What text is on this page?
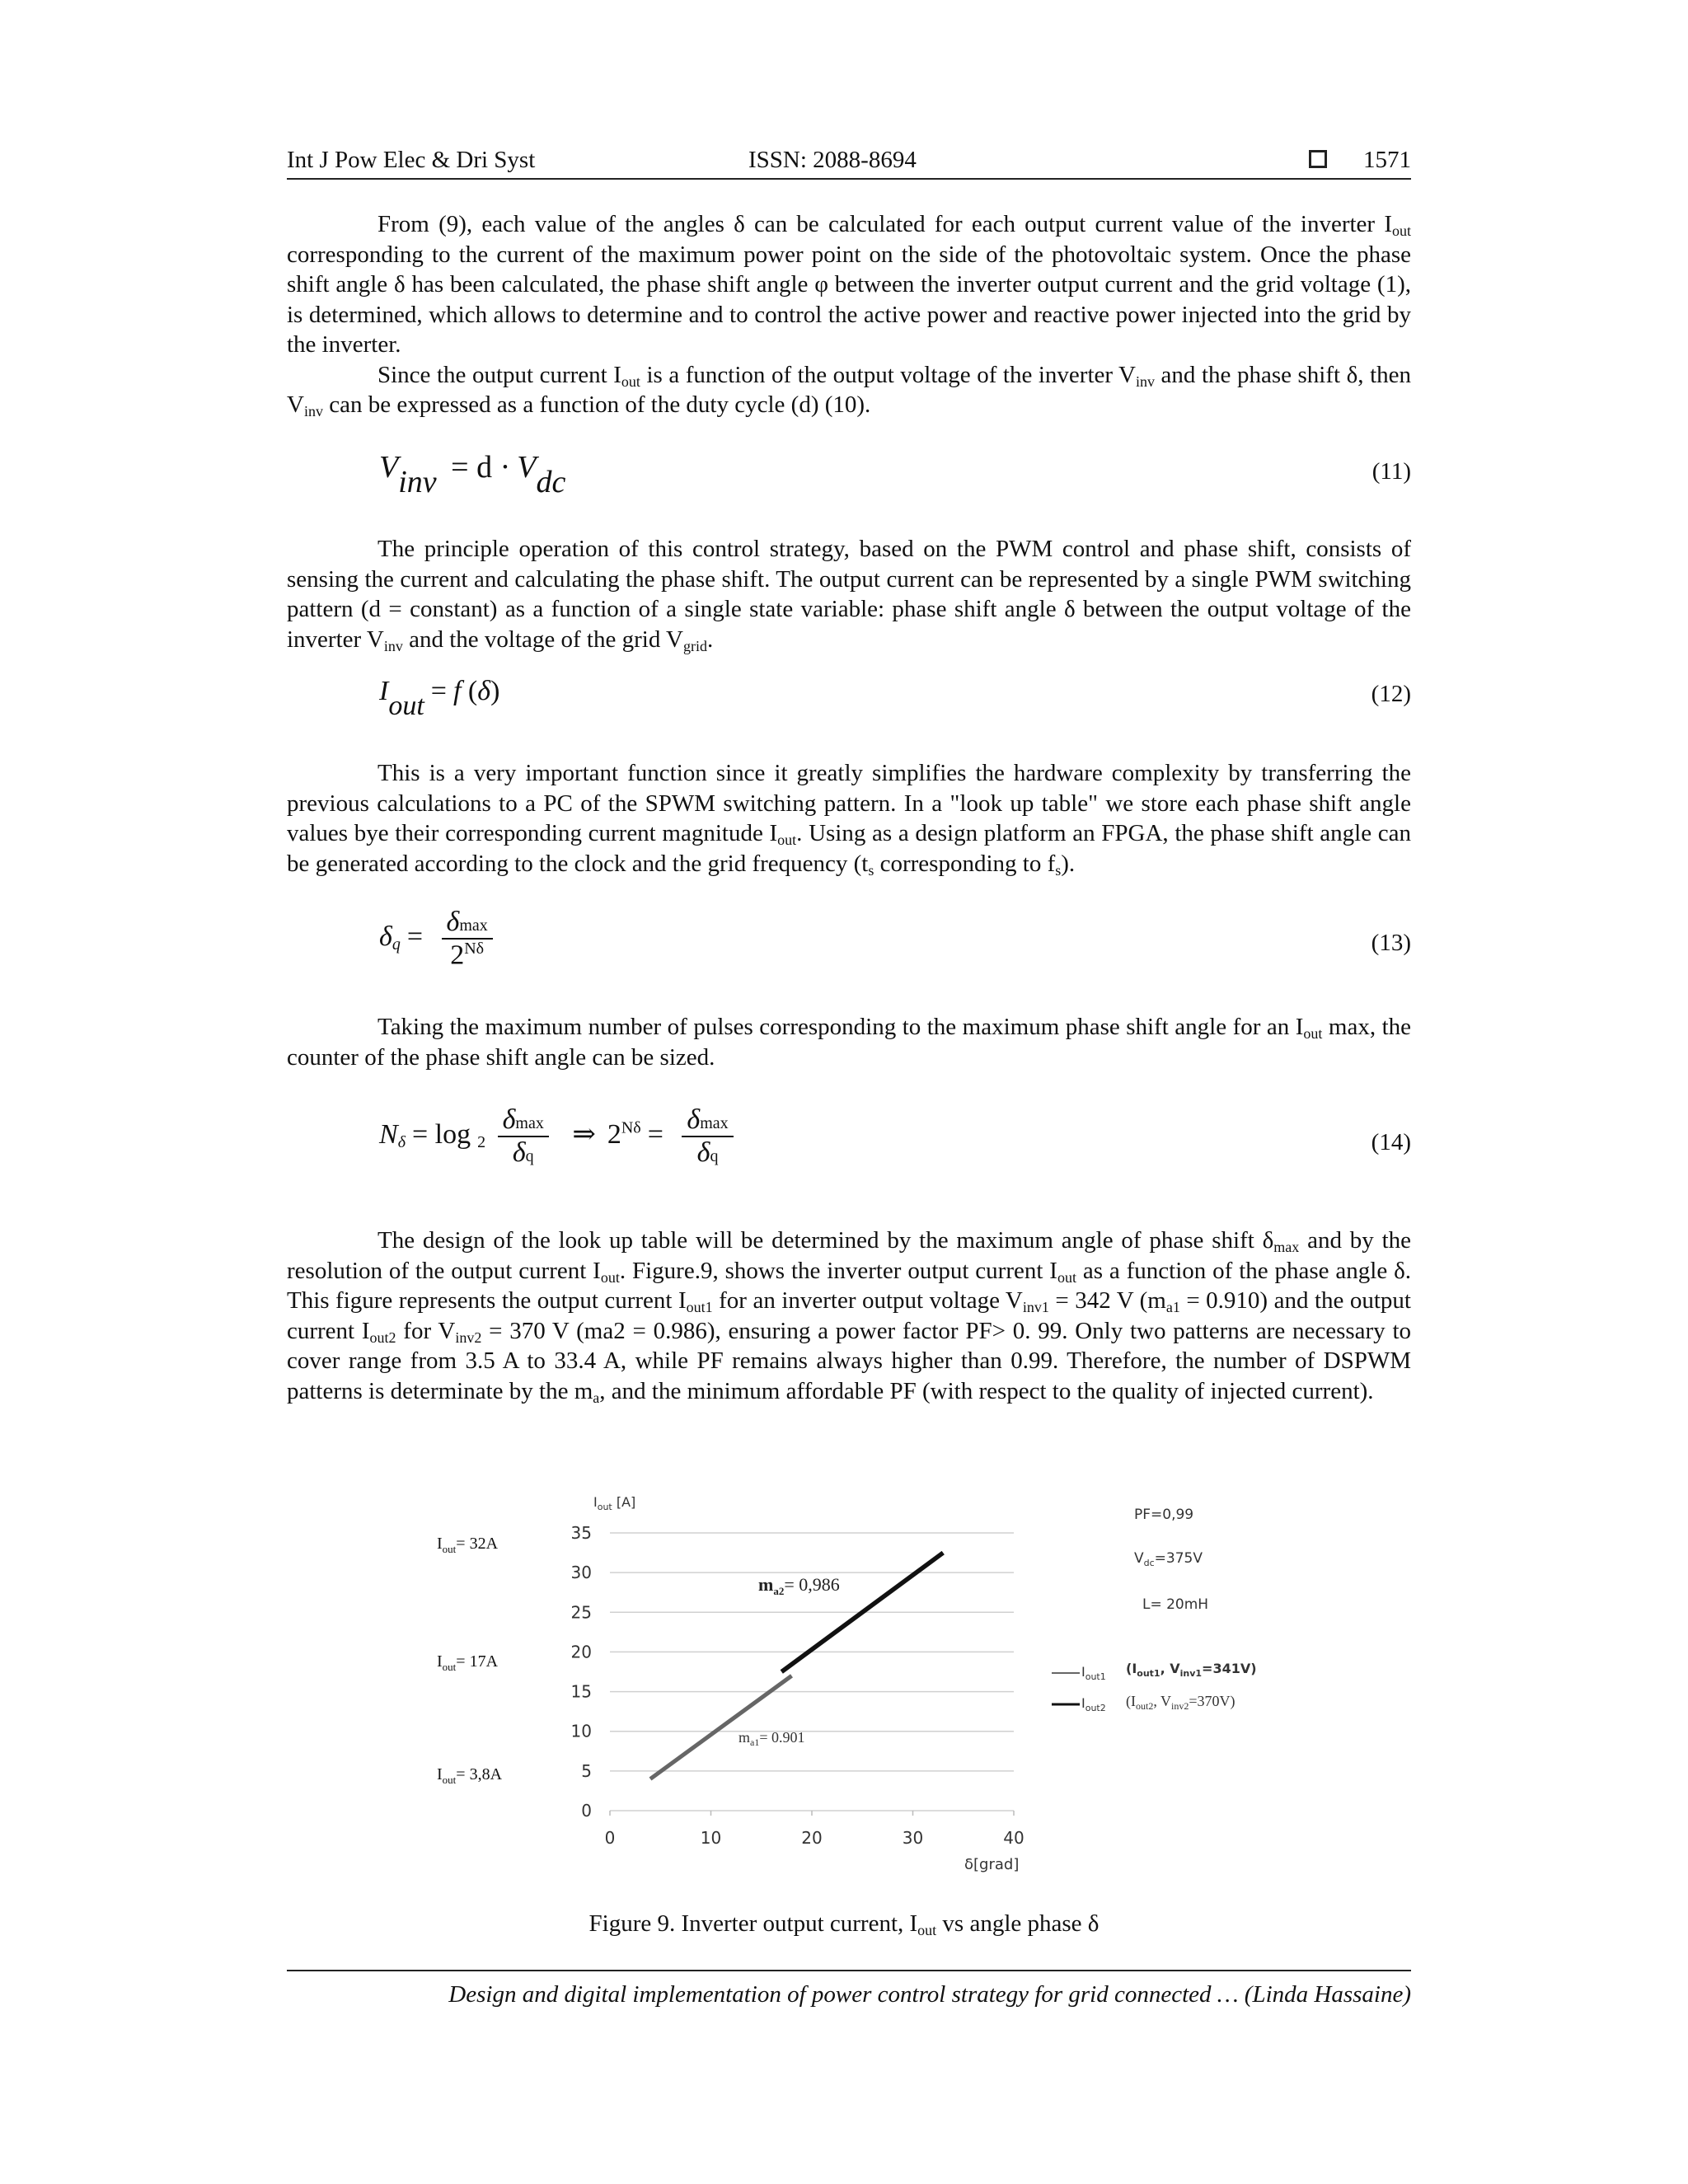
Int J Pow Elec & Dri Syst	ISSN: 2088-8694	1571

From (9), each value of the angles δ can be calculated for each output current value of the inverter $I_{out}$ corresponding to the current of the maximum power point on the side of the photovoltaic system. Once the phase shift angle δ has been calculated, the phase shift angle φ between the inverter output current and the grid voltage (1), is determined, which allows to determine and to control the active power and reactive power injected into the grid by the inverter.

Since the output current $I_{out}$ is a function of the output voltage of the inverter $V_{inv}$ and the phase shift δ, then $V_{inv}$ can be expressed as a function of the duty cycle (d) (10).

$V_{inv} = d \cdot V_{dc}$	(11)

The principle operation of this control strategy, based on the PWM control and phase shift, consists of sensing the current and calculating the phase shift. The output current can be represented by a single PWM switching pattern (d = constant) as a function of a single state variable: phase shift angle δ between the output voltage of the inverter $V_{inv}$ and the voltage of the grid $V_{grid}$.

$I_{out} = f$ (δ)	(12)

This is a very important function since it greatly simplifies the hardware complexity by transferring the previous calculations to a PC of the SPWM switching pattern. In a "look up table" we store each phase shift angle values bye their corresponding current magnitude $I_{out}$. Using as a design platform an FPGA, the phase shift angle can be generated according to the clock and the grid frequency ($t_s$ corresponding to $f_s$).

$\delta_q = \frac{\delta\max}{2^{N\delta}}$	(13)

Taking the maximum number of pulses corresponding to the maximum phase shift angle for an $I_{out}$ max, the counter of the phase shift angle can be sized.

$N_\delta = \log _2 \frac{\delta\max}{\delta q}$ ⇒ $2^{N\delta} = \frac{\delta\max}{\delta q}$	(14)

The design of the look up table will be determined by the maximum angle of phase shift $\delta_{max}$ and by the resolution of the output current $I_{out}$. Figure.9, shows the inverter output current $I_{out}$ as a function of the phase angle δ. This figure represents the output current $I_{out1}$ for an inverter output voltage $V_{inv1} = 342$ V $(m_{a1} = 0.910)$ and the output current $I_{out2}$ for $V_{inv2} = 370$ V (ma2 = 0.986), ensuring a power factor PF> 0. 99. Only two patterns are necessary to cover range from 3.5 A to 33.4 A, while PF remains always higher than 0.99. Therefore, the number of DSPWM patterns is determinate by the $m_a$, and the minimum affordable PF (with respect to the quality of injected current).

$I_{out}= 32A$
$I_{out}= 17A$
$I_{out}= 3,8A$
$I_{out}$ [A]
0
5
10
15
20
25
30
35
0	10	20	30	40
δ[grad]
$m_{a2}= 0,986$
$m_{a1}= 0.901$
PF=0,99
$V_{dc}=375V$
L= 20mH
$I_{out1}$
($I_{out1}$, $V_{inv1}=341V$)
$I_{out2}$ ($I_{out2}$, $V_{inv2}=370V$)
Figure 9. Inverter output current, $I_{out}$ vs angle phase δ
Design and digital implementation of power control strategy for grid connected … (Linda Hassaine)
